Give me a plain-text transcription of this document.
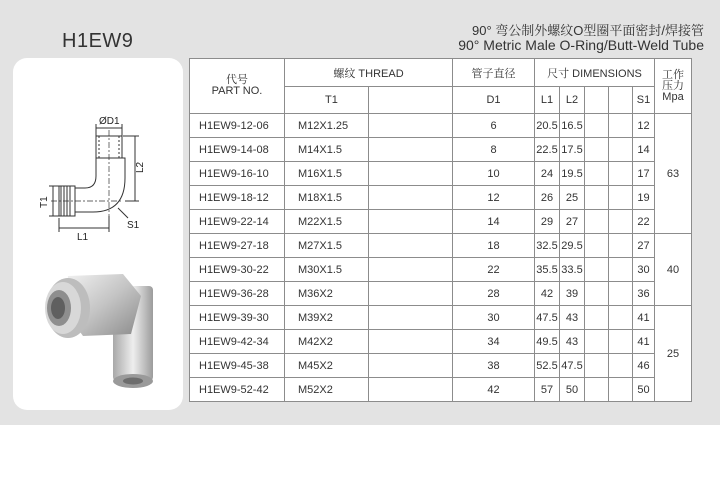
H1EW9	90° 弯公制外螺纹O型圈平面密封/焊接管
90° Metric Male O-Ring/Butt-Weld Tube
ØD1
L2
L1
T1
S1
代号
PART NO.	螺纹 THREAD		管子直径	尺寸 DIMENSIONS					工作
压力
Mpa

	T1		D1	L1	L2			S1	
H1EW9-12-06	M12X1.25		6	20.5	16.5			12	63
H1EW9-14-08	M14X1.5		8	22.5	17.5			14	
H1EW9-16-10	M16X1.5		10	24	19.5			17	
H1EW9-18-12	M18X1.5		12	26	25			19	
H1EW9-22-14	M22X1.5		14	29	27			22	
H1EW9-27-18	M27X1.5		18	32.5	29.5			27	40
H1EW9-30-22	M30X1.5		22	35.5	33.5			30	
H1EW9-36-28	M36X2		28	42	39			36	
H1EW9-39-30	M39X2		30	47.5	43			41	25
H1EW9-42-34	M42X2		34	49.5	43			41	
H1EW9-45-38	M45X2		38	52.5	47.5			46	
H1EW9-52-42	M52X2		42	57	50			50	
